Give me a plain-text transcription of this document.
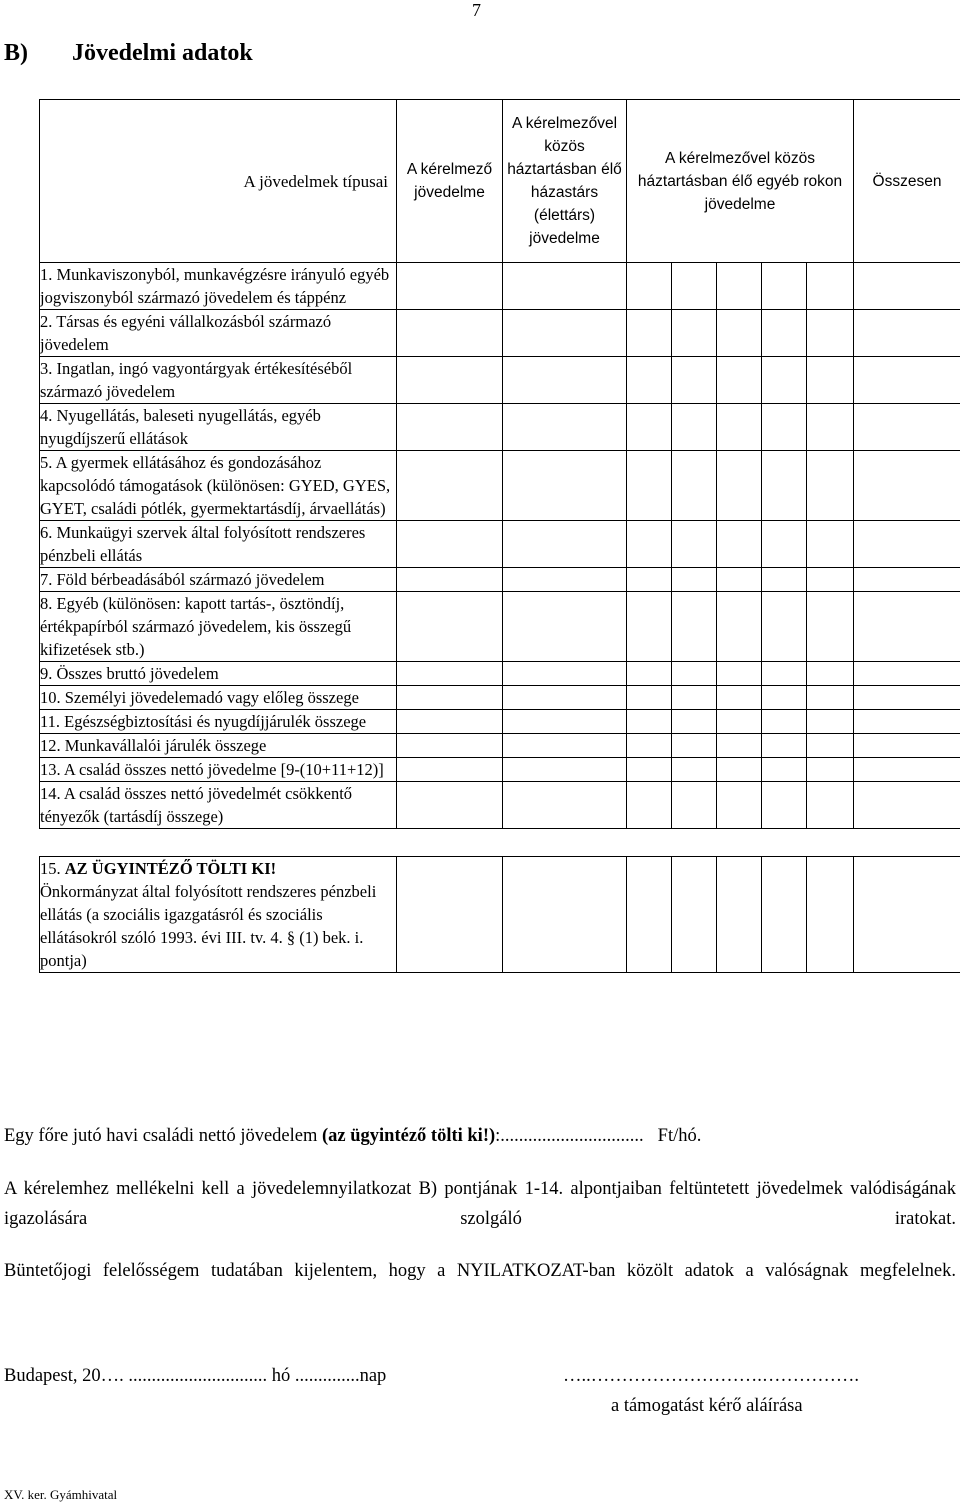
7
B) Jövedelmi adatok
A jövedelmek típusai	A kérelmező jövedelme	A kérelmezővel közös háztartásban élő házastárs (élettárs) jövedelme	A kérelmezővel közös háztartásban élő egyéb rokon jövedelme					Összesen
1. Munkaviszonyból, munkavégzésre irányuló egyéb jogviszonyból származó jövedelem és táppénz								
2. Társas és egyéni vállalkozásból származó jövedelem								
3. Ingatlan, ingó vagyontárgyak értékesítéséből származó jövedelem								
4. Nyugellátás, baleseti nyugellátás, egyéb nyugdíjszerű ellátások								
5. A gyermek ellátásához és gondozásához kapcsolódó támogatások (különösen: GYED, GYES, GYET, családi pótlék, gyermektartásdíj, árvaellátás)								
6. Munkaügyi szervek által folyósított rendszeres pénzbeli ellátás								
7. Föld bérbeadásából származó jövedelem								
8. Egyéb (különösen: kapott tartás-, ösztöndíj, értékpapírból származó jövedelem, kis összegű kifizetések stb.)								
9. Összes bruttó jövedelem								
10. Személyi jövedelemadó vagy előleg összege								
11. Egészségbiztosítási és nyugdíjjárulék összege								
12. Munkavállalói járulék összege								
13. A család összes nettó jövedelme [9-(10+11+12)]								
14. A család összes nettó jövedelmét csökkentő tényezők (tartásdíj összege)								

15. AZ ÜGYINTÉZŐ TÖLTI KI!
Önkormányzat által folyósított rendszeres pénzbeli ellátás (a szociális igazgatásról és szociális ellátásokról szóló 1993. évi III. tv. 4. § (1) bek. i. pontja)								
Egy főre jutó havi családi nettó jövedelem (az ügyintéző tölti ki!):............................... Ft/hó.
A kérelemhez mellékelni kell a jövedelemnyilatkozat B) pontjának 1-14. alpontjaiban feltüntetett jövedelmek valódiságának igazolására szolgáló iratokat.
Büntetőjogi felelősségem tudatában kijelentem, hogy a NYILATKOZAT-ban közölt adatok a valóságnak megfelelnek.
Budapest, 20…. .............................. hó ..............nap	…..……………………….…………….
a támogatást kérő aláírása
XV. ker. Gyámhivatal
